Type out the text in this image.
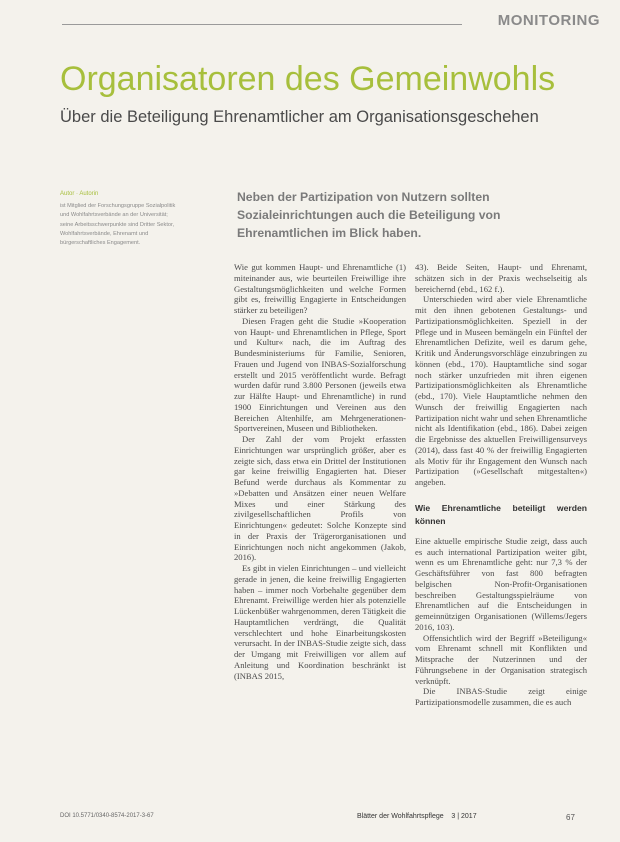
MONITORING
Organisatoren des Gemeinwohls
Über die Beteiligung Ehrenamtlicher am Organisationsgeschehen
Autor · Autorin
ist Mitglied der Forschungsgruppe Sozialpolitik und Wohlfahrtsverbände an der Universität; seine Arbeitsschwerpunkte sind Dritter Sektor, Wohlfahrtsverbände, Ehrenamt und bürgerschaftliches Engagement.
Neben der Partizipation von Nutzern sollten Sozialeinrichtungen auch die Beteiligung von Ehrenamtlichen im Blick haben.

Wie gut kommen Haupt- und Ehrenamtliche (1) miteinander aus, wie beurteilen Freiwillige ihre Gestaltungsmöglichkeiten und welche Formen gibt es, freiwillig Engagierte in Entscheidungen stärker zu beteiligen?

Diesen Fragen geht die Studie »Kooperation von Haupt- und Ehrenamtlichen in Pflege, Sport und Kultur« nach, die im Auftrag des Bundesministeriums für Familie, Senioren, Frauen und Jugend von INBAS-Sozialforschung erstellt und 2015 veröffentlicht wurde. Befragt wurden dafür rund 3.800 Personen (jeweils etwa zur Hälfte Haupt- und Ehrenamtliche) in rund 1900 Einrichtungen und Vereinen aus den Bereichen Altenhilfe, am Mehrgenerationen-Sportvereinen, Museen und Bibliotheken.

Der Zahl der vom Projekt erfassten Einrichtungen war ursprünglich größer, aber es zeigte sich, dass etwa ein Drittel der Institutionen gar keine freiwillig Engagierten hat. Dieser Befund werde durchaus als Kommentar zu »Debatten und Ansätzen einer neuen Welfare Mixes und einer Stärkung des zivilgesellschaftlichen Profils von Einrichtungen« gedeutet: Solche Konzepte sind in der Praxis der Trägerorganisationen und Einrichtungen noch nicht angekommen (Jakob, 2016).

Es gibt in vielen Einrichtungen – und vielleicht gerade in jenen, die keine freiwillig Engagierten haben – immer noch Vorbehalte gegenüber dem Ehrenamt. Freiwillige werden hier als potenzielle Lückenbüßer wahrgenommen, deren Tätigkeit die Hauptamtlichen verdrängt, die Qualität verschlechtert und hohe Einarbeitungskosten verursacht. In der INBAS-Studie zeigte sich, dass der Umgang mit Freiwilligen vor allem auf Anleitung und Koordination beschränkt ist (INBAS 2015,

43). Beide Seiten, Haupt- und Ehrenamt, schätzen sich in der Praxis wechselseitig als bereichernd (ebd., 162 f.).

Unterschieden wird aber viele Ehrenamtliche mit den ihnen gebotenen Gestaltungs- und Partizipationsmöglichkeiten. Speziell in der Pflege und in Museen bemängeln ein Fünftel der Ehrenamtlichen Defizite, weil es darum gehe, Kritik und Änderungsvorschläge einzubringen zu können (ebd., 170). Hauptamtliche sind sogar noch stärker unzufrieden mit ihren eigenen Partizipationsmöglichkeiten als Ehrenamtliche (ebd., 170). Viele Hauptamtliche nehmen den Wunsch der freiwillig Engagierten nach Partizipation nicht wahr und sehen Ehrenamtliche nicht als Identifikation (ebd., 186). Dabei zeigen die Ergebnisse des aktuellen Freiwilligensurveys (2014), dass fast 40 % der freiwillig Engagierten als Motiv für ihr Engagement den Wunsch nach Partizipation (»Gesellschaft mitgestalten«) angeben.

Wie Ehrenamtliche beteiligt werden können

Eine aktuelle empirische Studie zeigt, dass auch es auch international Partizipation weiter gibt, wenn es um Ehrenamtliche geht: nur 7,3 % der Geschäftsführer von fast 800 befragten belgischen Non-Profit-Organisationen beschreiben Gestaltungsspielräume von Ehrenamtlichen auf die Entscheidungen in gemeinnützigen Organisationen (Willems/Jegers 2016, 103).

Offensichtlich wird der Begriff »Beteiligung« vom Ehrenamt schnell mit Konflikten und Mitsprache der Nutzerinnen und der Führungsebene in der Organisation strategisch verknüpft.

Die INBAS-Studie zeigt einige Partizipationsmodelle zusammen, die es auch

DOI 10.5771/0340-8574-2017-3-67	Blätter der Wohlfahrtspflege 3 | 2017	67
